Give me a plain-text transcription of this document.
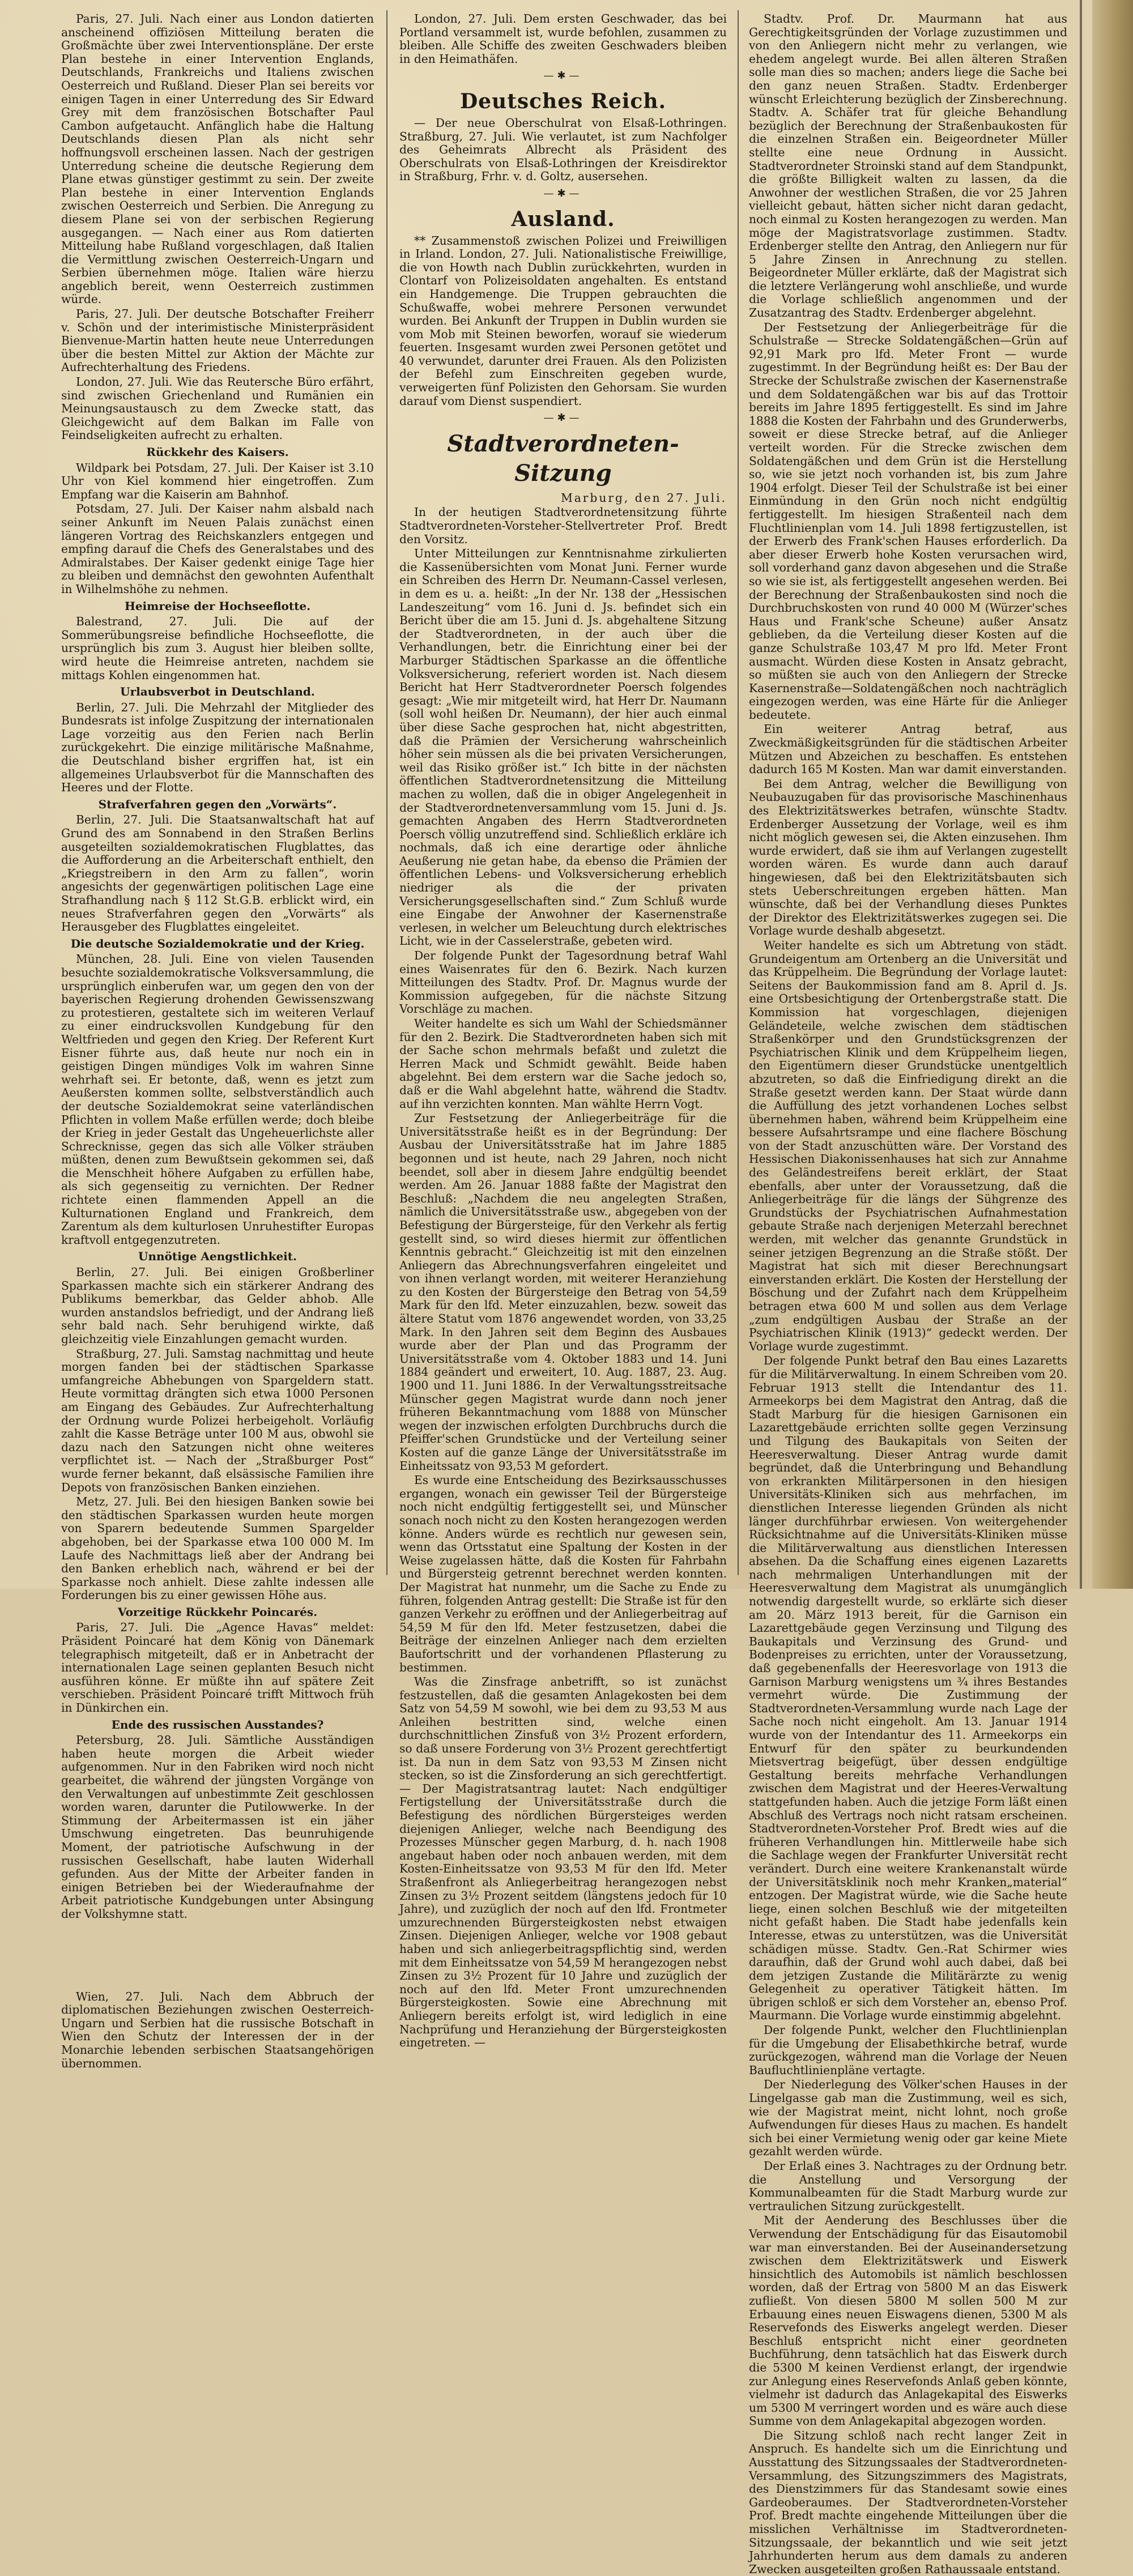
Paris, 27. Juli. Nach einer aus London datierten anscheinend offiziösen Mitteilung beraten die Großmächte über zwei Interventionspläne. Der erste Plan bestehe in einer Intervention Englands, Deutschlands, Frankreichs und Italiens zwischen Oesterreich und Rußland. Dieser Plan sei bereits vor einigen Tagen in einer Unterredung des Sir Edward Grey mit dem französischen Botschafter Paul Cambon aufgetaucht. Anfänglich habe die Haltung Deutschlands diesen Plan als nicht sehr hoffnungsvoll erscheinen lassen. Nach der gestrigen Unterredung scheine die deutsche Regierung dem Plane etwas günstiger gestimmt zu sein. Der zweite Plan bestehe in einer Intervention Englands zwischen Oesterreich und Serbien. Die Anregung zu diesem Plane sei von der serbischen Regierung ausgegangen. — Nach einer aus Rom datierten Mitteilung habe Rußland vorgeschlagen, daß Italien die Vermittlung zwischen Oesterreich-Ungarn und Serbien übernehmen möge. Italien wäre hierzu angeblich bereit, wenn Oesterreich zustimmen würde.

Paris, 27. Juli. Der deutsche Botschafter Freiherr v. Schön und der interimistische Ministerpräsident Bienvenue-Martin hatten heute neue Unterredungen über die besten Mittel zur Aktion der Mächte zur Aufrechterhaltung des Friedens.

London, 27. Juli. Wie das Reutersche Büro erfährt, sind zwischen Griechenland und Rumänien ein Meinungsaustausch zu dem Zwecke statt, das Gleichgewicht auf dem Balkan im Falle von Feindseligkeiten aufrecht zu erhalten.

Rückkehr des Kaisers.

Wildpark bei Potsdam, 27. Juli. Der Kaiser ist 3.10 Uhr von Kiel kommend hier eingetroffen. Zum Empfang war die Kaiserin am Bahnhof.

Potsdam, 27. Juli. Der Kaiser nahm alsbald nach seiner Ankunft im Neuen Palais zunächst einen längeren Vortrag des Reichskanzlers entgegen und empfing darauf die Chefs des Generalstabes und des Admiralstabes. Der Kaiser gedenkt einige Tage hier zu bleiben und demnächst den gewohnten Aufenthalt in Wilhelmshöhe zu nehmen.

Heimreise der Hochseeflotte.

Balestrand, 27. Juli. Die auf der Sommerübungsreise befindliche Hochseeflotte, die ursprünglich bis zum 3. August hier bleiben sollte, wird heute die Heimreise antreten, nachdem sie mittags Kohlen eingenommen hat.

Urlaubsverbot in Deutschland.

Berlin, 27. Juli. Die Mehrzahl der Mitglieder des Bundesrats ist infolge Zuspitzung der internationalen Lage vorzeitig aus den Ferien nach Berlin zurückgekehrt. Die einzige militärische Maßnahme, die Deutschland bisher ergriffen hat, ist ein allgemeines Urlaubsverbot für die Mannschaften des Heeres und der Flotte.

Strafverfahren gegen den „Vorwärts“.

Berlin, 27. Juli. Die Staatsanwaltschaft hat auf Grund des am Sonnabend in den Straßen Berlins ausgeteilten sozialdemokratischen Flugblattes, das die Aufforderung an die Arbeiterschaft enthielt, den „Kriegstreibern in den Arm zu fallen“, worin angesichts der gegenwärtigen politischen Lage eine Strafhandlung nach § 112 St.G.B. erblickt wird, ein neues Strafverfahren gegen den „Vorwärts“ als Herausgeber des Flugblattes eingeleitet.

Die deutsche Sozialdemokratie und der Krieg.

München, 28. Juli. Eine von vielen Tausenden besuchte sozialdemokratische Volksversammlung, die ursprünglich einberufen war, um gegen den von der bayerischen Regierung drohenden Gewissenszwang zu protestieren, gestaltete sich im weiteren Verlauf zu einer eindrucksvollen Kundgebung für den Weltfrieden und gegen den Krieg. Der Referent Kurt Eisner führte aus, daß heute nur noch ein in geistigen Dingen mündiges Volk im wahren Sinne wehrhaft sei. Er betonte, daß, wenn es jetzt zum Aeußersten kommen sollte, selbstverständlich auch der deutsche Sozialdemokrat seine vaterländischen Pflichten in vollem Maße erfüllen werde; doch bleibe der Krieg in jeder Gestalt das Ungeheuerlichste aller Schrecknisse, gegen das sich alle Völker sträuben müßten, denen zum Bewußtsein gekommen sei, daß die Menschheit höhere Aufgaben zu erfüllen habe, als sich gegenseitig zu vernichten. Der Redner richtete einen flammenden Appell an die Kulturnationen England und Frankreich, dem Zarentum als dem kulturlosen Unruhestifter Europas kraftvoll entgegenzutreten.

Unnötige Aengstlichkeit.

Berlin, 27. Juli. Bei einigen Großberliner Sparkassen machte sich ein stärkerer Andrang des Publikums bemerkbar, das Gelder abhob. Alle wurden anstandslos befriedigt, und der Andrang ließ sehr bald nach. Sehr beruhigend wirkte, daß gleichzeitig viele Einzahlungen gemacht wurden.

Straßburg, 27. Juli. Samstag nachmittag und heute morgen fanden bei der städtischen Sparkasse umfangreiche Abhebungen von Spargeldern statt. Heute vormittag drängten sich etwa 1000 Personen am Eingang des Gebäudes. Zur Aufrechterhaltung der Ordnung wurde Polizei herbeigeholt. Vorläufig zahlt die Kasse Beträge unter 100 M aus, obwohl sie dazu nach den Satzungen nicht ohne weiteres verpflichtet ist. — Nach der „Straßburger Post“ wurde ferner bekannt, daß elsässische Familien ihre Depots von französischen Banken einziehen.

Metz, 27. Juli. Bei den hiesigen Banken sowie bei den städtischen Sparkassen wurden heute morgen von Sparern bedeutende Summen Spargelder abgehoben, bei der Sparkasse etwa 100 000 M. Im Laufe des Nachmittags ließ aber der Andrang bei den Banken erheblich nach, während er bei der Sparkasse noch anhielt. Diese zahlte indessen alle Forderungen bis zu einer gewissen Höhe aus.

Vorzeitige Rückkehr Poincarés.

Paris, 27. Juli. Die „Agence Havas“ meldet: Präsident Poincaré hat dem König von Dänemark telegraphisch mitgeteilt, daß er in Anbetracht der internationalen Lage seinen geplanten Besuch nicht ausführen könne. Er müßte ihn auf spätere Zeit verschieben. Präsident Poincaré trifft Mittwoch früh in Dünkirchen ein.

Ende des russischen Ausstandes?

Petersburg, 28. Juli. Sämtliche Ausständigen haben heute morgen die Arbeit wieder aufgenommen. Nur in den Fabriken wird noch nicht gearbeitet, die während der jüngsten Vorgänge von den Verwaltungen auf unbestimmte Zeit geschlossen worden waren, darunter die Putilowwerke. In der Stimmung der Arbeitermassen ist ein jäher Umschwung eingetreten. Das beunruhigende Moment, der patriotische Aufschwung in der russischen Gesellschaft, habe lauten Widerhall gefunden. Aus der Mitte der Arbeiter fanden in einigen Betrieben bei der Wiederaufnahme der Arbeit patriotische Kundgebungen unter Absingung der Volkshymne statt.

Wien, 27. Juli. Nach dem Abbruch der diplomatischen Beziehungen zwischen Oesterreich-Ungarn und Serbien hat die russische Botschaft in Wien den Schutz der Interessen der in der Monarchie lebenden serbischen Staatsangehörigen übernommen.

London, 27. Juli. Dem ersten Geschwader, das bei Portland versammelt ist, wurde befohlen, zusammen zu bleiben. Alle Schiffe des zweiten Geschwaders bleiben in den Heimathäfen.

—✱—

Deutsches Reich.

— Der neue Oberschulrat von Elsaß-Lothringen. Straßburg, 27. Juli. Wie verlautet, ist zum Nachfolger des Geheimrats Albrecht als Präsident des Oberschulrats von Elsaß-Lothringen der Kreisdirektor in Straßburg, Frhr. v. d. Goltz, ausersehen.

—✱—

Ausland.

** Zusammenstoß zwischen Polizei und Freiwilligen in Irland. London, 27. Juli. Nationalistische Freiwillige, die von Howth nach Dublin zurückkehrten, wurden in Clontarf von Polizeisoldaten angehalten. Es entstand ein Handgemenge. Die Truppen gebrauchten die Schußwaffe, wobei mehrere Personen verwundet wurden. Bei Ankunft der Truppen in Dublin wurden sie vom Mob mit Steinen beworfen, worauf sie wiederum feuerten. Insgesamt wurden zwei Personen getötet und 40 verwundet, darunter drei Frauen. Als den Polizisten der Befehl zum Einschreiten gegeben wurde, verweigerten fünf Polizisten den Gehorsam. Sie wurden darauf vom Dienst suspendiert.

—✱—

Stadtverordneten-Sitzung

Marburg, den 27. Juli.

In der heutigen Stadtverordnetensitzung führte Stadtverordneten-Vorsteher-Stellvertreter Prof. Bredt den Vorsitz.

Unter Mitteilungen zur Kenntnisnahme zirkulierten die Kassenübersichten vom Monat Juni. Ferner wurde ein Schreiben des Herrn Dr. Neumann-Cassel verlesen, in dem es u. a. heißt: „In der Nr. 138 der „Hessischen Landeszeitung“ vom 16. Juni d. Js. befindet sich ein Bericht über die am 15. Juni d. Js. abgehaltene Sitzung der Stadtverordneten, in der auch über die Verhandlungen, betr. die Einrichtung einer bei der Marburger Städtischen Sparkasse an die öffentliche Volksversicherung, referiert worden ist. Nach diesem Bericht hat Herr Stadtverordneter Poersch folgendes gesagt: „Wie mir mitgeteilt wird, hat Herr Dr. Naumann (soll wohl heißen Dr. Neumann), der hier auch einmal über diese Sache gesprochen hat, nicht abgestritten, daß die Prämien der Versicherung wahrscheinlich höher sein müssen als die bei privaten Versicherungen, weil das Risiko größer ist.“ Ich bitte in der nächsten öffentlichen Stadtverordnetensitzung die Mitteilung machen zu wollen, daß die in obiger Angelegenheit in der Stadtverordnetenversammlung vom 15. Juni d. Js. gemachten Angaben des Herrn Stadtverordneten Poersch völlig unzutreffend sind. Schließlich erkläre ich nochmals, daß ich eine derartige oder ähnliche Aeußerung nie getan habe, da ebenso die Prämien der öffentlichen Lebens- und Volksversicherung erheblich niedriger als die der privaten Versicherungsgesellschaften sind.“ Zum Schluß wurde eine Eingabe der Anwohner der Kasernenstraße verlesen, in welcher um Beleuchtung durch elektrisches Licht, wie in der Casselerstraße, gebeten wird.

Der folgende Punkt der Tagesordnung betraf Wahl eines Waisenrates für den 6. Bezirk. Nach kurzen Mitteilungen des Stadtv. Prof. Dr. Magnus wurde der Kommission aufgegeben, für die nächste Sitzung Vorschläge zu machen.

Weiter handelte es sich um Wahl der Schiedsmänner für den 2. Bezirk. Die Stadtverordneten haben sich mit der Sache schon mehrmals befaßt und zuletzt die Herren Mack und Schmidt gewählt. Beide haben abgelehnt. Bei dem erstern war die Sache jedoch so, daß er die Wahl abgelehnt hatte, während die Stadtv. auf ihn verzichten konnten. Man wählte Herrn Vogt.

Zur Festsetzung der Anliegerbeiträge für die Universitätsstraße heißt es in der Begründung: Der Ausbau der Universitätsstraße hat im Jahre 1885 begonnen und ist heute, nach 29 Jahren, noch nicht beendet, soll aber in diesem Jahre endgültig beendet werden. Am 26. Januar 1888 faßte der Magistrat den Beschluß: „Nachdem die neu angelegten Straßen, nämlich die Universitätsstraße usw., abgegeben von der Befestigung der Bürgersteige, für den Verkehr als fertig gestellt sind, so wird dieses hiermit zur öffentlichen Kenntnis gebracht.“ Gleichzeitig ist mit den einzelnen Anliegern das Abrechnungsverfahren eingeleitet und von ihnen verlangt worden, mit weiterer Heranziehung zu den Kosten der Bürgersteige den Betrag von 54,59 Mark für den lfd. Meter einzuzahlen, bezw. soweit das ältere Statut vom 1876 angewendet worden, von 33,25 Mark. In den Jahren seit dem Beginn des Ausbaues wurde aber der Plan und das Programm der Universitätsstraße vom 4. Oktober 1883 und 14. Juni 1884 geändert und erweitert, 10. Aug. 1887, 23. Aug. 1900 und 11. Juni 1886. In der Verwaltungsstreitsache Münscher gegen Magistrat wurde dann noch jener früheren Bekanntmachung vom 1888 von Münscher wegen der inzwischen erfolgten Durchbruchs durch die Pfeiffer'schen Grundstücke und der Verteilung seiner Kosten auf die ganze Länge der Universitätsstraße im Einheitssatz von 93,53 M gefordert.

Es wurde eine Entscheidung des Bezirksausschusses ergangen, wonach ein gewisser Teil der Bürgersteige noch nicht endgültig fertiggestellt sei, und Münscher sonach noch nicht zu den Kosten herangezogen werden könne. Anders würde es rechtlich nur gewesen sein, wenn das Ortsstatut eine Spaltung der Kosten in der Weise zugelassen hätte, daß die Kosten für Fahrbahn und Bürgersteig getrennt berechnet werden konnten. Der Magistrat hat nunmehr, um die Sache zu Ende zu führen, folgenden Antrag gestellt: Die Straße ist für den ganzen Verkehr zu eröffnen und der Anliegerbeitrag auf 54,59 M für den lfd. Meter festzusetzen, dabei die Beiträge der einzelnen Anlieger nach dem erzielten Baufortschritt und der vorhandenen Pflasterung zu bestimmen.

Was die Zinsfrage anbetrifft, so ist zunächst festzustellen, daß die gesamten Anlagekosten bei dem Satz von 54,59 M sowohl, wie bei dem zu 93,53 M aus Anleihen bestritten sind, welche einen durchschnittlichen Zinsfuß von 3½ Prozent erfordern, so daß unsere Forderung von 3½ Prozent gerechtfertigt ist. Da nun in dem Satz von 93,53 M Zinsen nicht stecken, so ist die Zinsforderung an sich gerechtfertigt. — Der Magistratsantrag lautet: Nach endgültiger Fertigstellung der Universitätsstraße durch die Befestigung des nördlichen Bürgersteiges werden diejenigen Anlieger, welche nach Beendigung des Prozesses Münscher gegen Marburg, d. h. nach 1908 angebaut haben oder noch anbauen werden, mit dem Kosten-Einheitssatze von 93,53 M für den lfd. Meter Straßenfront als Anliegerbeitrag herangezogen nebst Zinsen zu 3½ Prozent seitdem (längstens jedoch für 10 Jahre), und zuzüglich der noch auf den lfd. Frontmeter umzurechnenden Bürgersteigkosten nebst etwaigen Zinsen. Diejenigen Anlieger, welche vor 1908 gebaut haben und sich anliegerbeitragspflichtig sind, werden mit dem Einheitssatze von 54,59 M herangezogen nebst Zinsen zu 3½ Prozent für 10 Jahre und zuzüglich der noch auf den lfd. Meter Front umzurechnenden Bürgersteigkosten. Sowie eine Abrechnung mit Anliegern bereits erfolgt ist, wird lediglich in eine Nachprüfung und Heranziehung der Bürgersteigkosten eingetreten. —

Stadtv. Prof. Dr. Maurmann hat aus Gerechtigkeitsgründen der Vorlage zuzustimmen und von den Anliegern nicht mehr zu verlangen, wie ehedem angelegt wurde. Bei allen älteren Straßen solle man dies so machen; anders liege die Sache bei den ganz neuen Straßen. Stadtv. Erdenberger wünscht Erleichterung bezüglich der Zinsberechnung. Stadtv. A. Schäfer trat für gleiche Behandlung bezüglich der Berechnung der Straßenbaukosten für die einzelnen Straßen ein. Beigeordneter Müller stellte eine neue Ordnung in Aussicht. Stadtverordneter Stroinski stand auf dem Standpunkt, die größte Billigkeit walten zu lassen, da die Anwohner der westlichen Straßen, die vor 25 Jahren vielleicht gebaut, hätten sicher nicht daran gedacht, noch einmal zu Kosten herangezogen zu werden. Man möge der Magistratsvorlage zustimmen. Stadtv. Erdenberger stellte den Antrag, den Anliegern nur für 5 Jahre Zinsen in Anrechnung zu stellen. Beigeordneter Müller erklärte, daß der Magistrat sich die letztere Verlängerung wohl anschließe, und wurde die Vorlage schließlich angenommen und der Zusatzantrag des Stadtv. Erdenberger abgelehnt.

Der Festsetzung der Anliegerbeiträge für die Schulstraße — Strecke Soldatengäßchen—Grün auf 92,91 Mark pro lfd. Meter Front — wurde zugestimmt. In der Begründung heißt es: Der Bau der Strecke der Schulstraße zwischen der Kasernenstraße und dem Soldatengäßchen war bis auf das Trottoir bereits im Jahre 1895 fertiggestellt. Es sind im Jahre 1888 die Kosten der Fahrbahn und des Grunderwerbs, soweit er diese Strecke betraf, auf die Anlieger verteilt worden. Für die Strecke zwischen dem Soldatengäßchen und dem Grün ist die Herstellung so, wie sie jetzt noch vorhanden ist, bis zum Jahre 1904 erfolgt. Dieser Teil der Schulstraße ist bei einer Einmündung in den Grün noch nicht endgültig fertiggestellt. Im hiesigen Straßenteil nach dem Fluchtlinienplan vom 14. Juli 1898 fertigzustellen, ist der Erwerb des Frank'schen Hauses erforderlich. Da aber dieser Erwerb hohe Kosten verursachen wird, soll vorderhand ganz davon abgesehen und die Straße so wie sie ist, als fertiggestellt angesehen werden. Bei der Berechnung der Straßenbaukosten sind noch die Durchbruchskosten von rund 40 000 M (Würzer'sches Haus und Frank'sche Scheune) außer Ansatz geblieben, da die Verteilung dieser Kosten auf die ganze Schulstraße 103,47 M pro lfd. Meter Front ausmacht. Würden diese Kosten in Ansatz gebracht, so müßten sie auch von den Anliegern der Strecke Kasernenstraße—Soldatengäßchen noch nachträglich eingezogen werden, was eine Härte für die Anlieger bedeutete.

Ein weiterer Antrag betraf, aus Zweckmäßigkeitsgründen für die städtischen Arbeiter Mützen und Abzeichen zu beschaffen. Es entstehen dadurch 165 M Kosten. Man war damit einverstanden.

Bei dem Antrag, welcher die Bewilligung von Neubauzugaben für das provisorische Maschinenhaus des Elektrizitätswerkes betrafen, wünschte Stadtv. Erdenberger Aussetzung der Vorlage, weil es ihm nicht möglich gewesen sei, die Akten einzusehen. Ihm wurde erwidert, daß sie ihm auf Verlangen zugestellt worden wären. Es wurde dann auch darauf hingewiesen, daß bei den Elektrizitätsbauten sich stets Ueberschreitungen ergeben hätten. Man wünschte, daß bei der Verhandlung dieses Punktes der Direktor des Elektrizitätswerkes zugegen sei. Die Vorlage wurde deshalb abgesetzt.

Weiter handelte es sich um Abtretung von städt. Grundeigentum am Ortenberg an die Universität und das Krüppelheim. Die Begründung der Vorlage lautet: Seitens der Baukommission fand am 8. April d. Js. eine Ortsbesichtigung der Ortenbergstraße statt. Die Kommission hat vorgeschlagen, diejenigen Geländeteile, welche zwischen dem städtischen Straßenkörper und den Grundstücksgrenzen der Psychiatrischen Klinik und dem Krüppelheim liegen, den Eigentümern dieser Grundstücke unentgeltlich abzutreten, so daß die Einfriedigung direkt an die Straße gesetzt werden kann. Der Staat würde dann die Auffüllung des jetzt vorhandenen Loches selbst übernehmen haben, während beim Krüppelheim eine bessere Aufsahrtsrampe und eine flachere Böschung von der Stadt anzuschütten wäre. Der Vorstand des Hessischen Diakonissenhauses hat sich zur Annahme des Geländestreifens bereit erklärt, der Staat ebenfalls, aber unter der Voraussetzung, daß die Anliegerbeiträge für die längs der Sühgrenze des Grundstücks der Psychiatrischen Aufnahmestation gebaute Straße nach derjenigen Meterzahl berechnet werden, mit welcher das genannte Grundstück in seiner jetzigen Begrenzung an die Straße stößt. Der Magistrat hat sich mit dieser Berechnungsart einverstanden erklärt. Die Kosten der Herstellung der Böschung und der Zufahrt nach dem Krüppelheim betragen etwa 600 M und sollen aus dem Verlage „zum endgültigen Ausbau der Straße an der Psychiatrischen Klinik (1913)“ gedeckt werden. Der Vorlage wurde zugestimmt.

Der folgende Punkt betraf den Bau eines Lazaretts für die Militärverwaltung. In einem Schreiben vom 20. Februar 1913 stellt die Intendantur des 11. Armeekorps bei dem Magistrat den Antrag, daß die Stadt Marburg für die hiesigen Garnisonen ein Lazarettgebäude errichten sollte gegen Verzinsung und Tilgung des Baukapitals von Seiten der Heeresverwaltung. Dieser Antrag wurde damit begründet, daß die Unterbringung und Behandlung von erkrankten Militärpersonen in den hiesigen Universitäts-Kliniken sich aus mehrfachen, im dienstlichen Interesse liegenden Gründen als nicht länger durchführbar erwiesen. Von weitergehender Rücksichtnahme auf die Universitäts-Kliniken müsse die Militärverwaltung aus dienstlichen Interessen absehen. Da die Schaffung eines eigenen Lazaretts nach mehrmaligen Unterhandlungen mit der Heeresverwaltung dem Magistrat als unumgänglich notwendig dargestellt wurde, so erklärte sich dieser am 20. März 1913 bereit, für die Garnison ein Lazarettgebäude gegen Verzinsung und Tilgung des Baukapitals und Verzinsung des Grund- und Bodenpreises zu errichten, unter der Voraussetzung, daß gegebenenfalls der Heeresvorlage von 1913 die Garnison Marburg wenigstens um ¾ ihres Bestandes vermehrt würde. Die Zustimmung der Stadtverordneten-Versammlung wurde nach Lage der Sache noch nicht eingeholt. Am 13. Januar 1914 wurde von der Intendantur des 11. Armeekorps ein Entwurf für den später zu beurkundenden Mietsvertrag beigefügt, über dessen endgültige Gestaltung bereits mehrfache Verhandlungen zwischen dem Magistrat und der Heeres-Verwaltung stattgefunden haben. Auch die jetzige Form läßt einen Abschluß des Vertrags noch nicht ratsam erscheinen. Stadtverordneten-Vorsteher Prof. Bredt wies auf die früheren Verhandlungen hin. Mittlerweile habe sich die Sachlage wegen der Frankfurter Universität recht verändert. Durch eine weitere Krankenanstalt würde der Universitätsklinik noch mehr Kranken„material“ entzogen. Der Magistrat würde, wie die Sache heute liege, einen solchen Beschluß wie der mitgeteilten nicht gefaßt haben. Die Stadt habe jedenfalls kein Interesse, etwas zu unterstützen, was die Universität schädigen müsse. Stadtv. Gen.-Rat Schirmer wies daraufhin, daß der Grund wohl auch dabei, daß bei dem jetzigen Zustande die Militärärzte zu wenig Gelegenheit zu operativer Tätigkeit hätten. Im übrigen schloß er sich dem Vorsteher an, ebenso Prof. Maurmann. Die Vorlage wurde einstimmig abgelehnt.

Der folgende Punkt, welcher den Fluchtlinienplan für die Umgebung der Elisabethkirche betraf, wurde zurückgezogen, während man die Vorlage der Neuen Baufluchtlinienpläne vertagte.

Der Niederlegung des Völker'schen Hauses in der Lingelgasse gab man die Zustimmung, weil es sich, wie der Magistrat meint, nicht lohnt, noch große Aufwendungen für dieses Haus zu machen. Es handelt sich bei einer Vermietung wenig oder gar keine Miete gezahlt werden würde.

Der Erlaß eines 3. Nachtrages zu der Ordnung betr. die Anstellung und Versorgung der Kommunalbeamten für die Stadt Marburg wurde zur vertraulichen Sitzung zurückgestellt.

Mit der Aenderung des Beschlusses über die Verwendung der Entschädigung für das Eisautomobil war man einverstanden. Bei der Auseinandersetzung zwischen dem Elektrizitätswerk und Eiswerk hinsichtlich des Automobils ist nämlich beschlossen worden, daß der Ertrag von 5800 M an das Eiswerk zufließt. Von diesen 5800 M sollen 500 M zur Erbauung eines neuen Eiswagens dienen, 5300 M als Reservefonds des Eiswerks angelegt werden. Dieser Beschluß entspricht nicht einer geordneten Buchführung, denn tatsächlich hat das Eiswerk durch die 5300 M keinen Verdienst erlangt, der irgendwie zur Anlegung eines Reservefonds Anlaß geben könnte, vielmehr ist dadurch das Anlagekapital des Eiswerks um 5300 M verringert worden und es wäre auch diese Summe von dem Anlagekapital abgezogen worden.

Die Sitzung schloß nach recht langer Zeit in Anspruch. Es handelte sich um die Einrichtung und Ausstattung des Sitzungssaales der Stadtverordneten-Versammlung, des Sitzungszimmers des Magistrats, des Dienstzimmers für das Standesamt sowie eines Gardeoberaumes. Der Stadtverordneten-Vorsteher Prof. Bredt machte eingehende Mitteilungen über die misslichen Verhältnisse im Stadtverordneten-Sitzungssaale, der bekanntlich und wie seit jetzt Jahrhunderten herum aus dem damals zu anderen Zwecken ausgeteilten großen Rathaussaale entstand.
